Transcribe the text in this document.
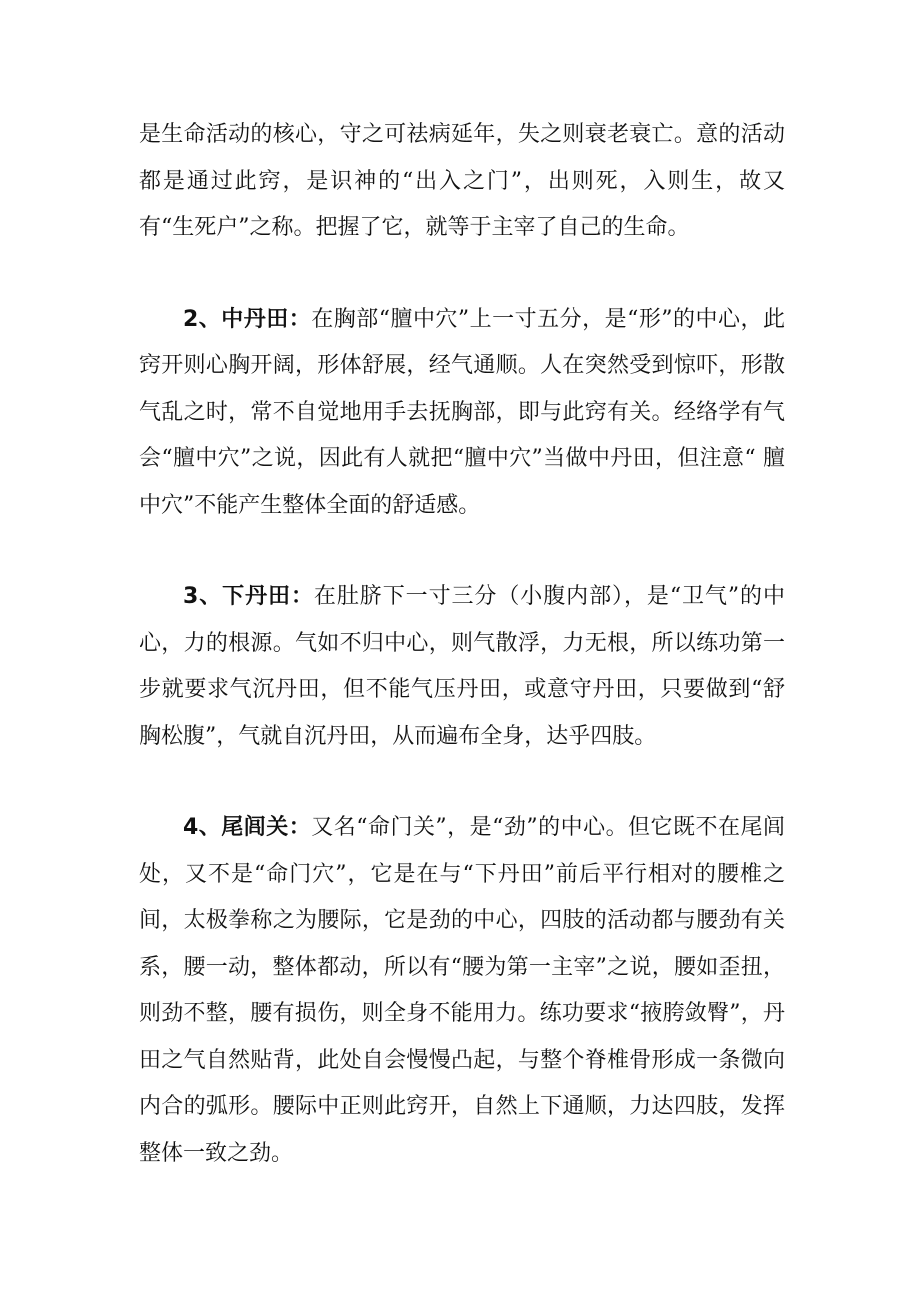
是生命活动的核心，守之可祛病延年，失之则衰老衰亡。意的活动都是通过此窍，是识神的“出入之门”，出则死，入则生，故又有“生死户”之称。把握了它，就等于主宰了自己的生命。

2、中丹田：在胸部“膻中穴”上一寸五分，是“形”的中心，此窍开则心胸开阔，形体舒展，经气通顺。人在突然受到惊吓，形散气乱之时，常不自觉地用手去抚胸部，即与此窍有关。经络学有气会“膻中穴”之说，因此有人就把“膻中穴”当做中丹田，但注意“ 膻中穴”不能产生整体全面的舒适感。

3、下丹田：在肚脐下一寸三分（小腹内部），是“卫气”的中心，力的根源。气如不归中心，则气散浮，力无根，所以练功第一步就要求气沉丹田，但不能气压丹田，或意守丹田，只要做到“舒胸松腹”，气就自沉丹田，从而遍布全身，达乎四肢。

4、尾闾关：又名“命门关”，是“劲”的中心。但它既不在尾闾处，又不是“命门穴”，它是在与“下丹田”前后平行相对的腰椎之间，太极拳称之为腰际，它是劲的中心，四肢的活动都与腰劲有关系，腰一动，整体都动，所以有“腰为第一主宰”之说，腰如歪扭，则劲不整，腰有损伤，则全身不能用力。练功要求“掖胯敛臀”，丹田之气自然贴背，此处自会慢慢凸起，与整个脊椎骨形成一条微向内合的弧形。腰际中正则此窍开，自然上下通顺，力达四肢，发挥整体一致之劲。
